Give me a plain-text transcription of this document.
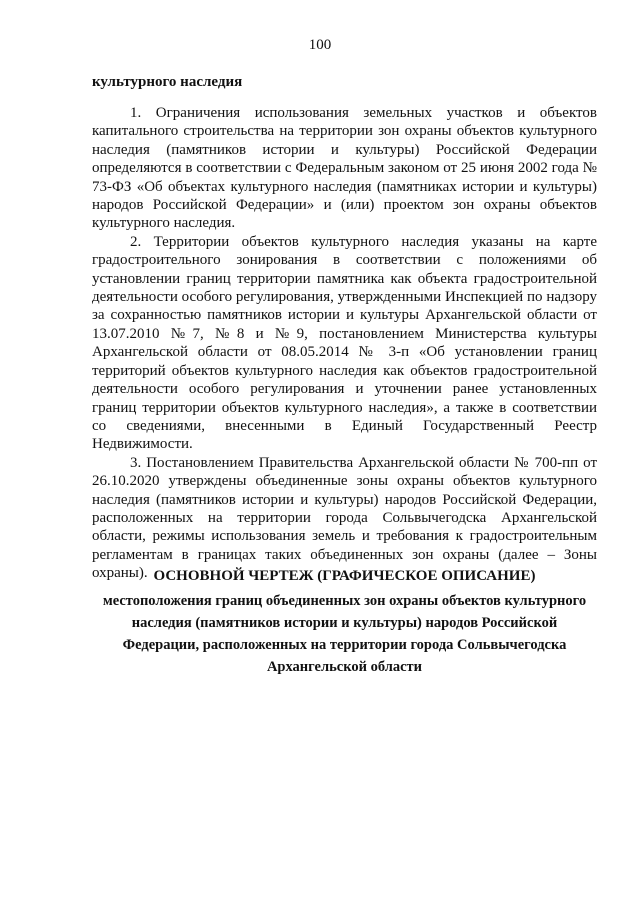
100
культурного наследия

1. Ограничения использования земельных участков и объектов капитального строительства на территории зон охраны объектов культурного наследия (памятников истории и культуры) Российской Федерации определяются в соответствии с Федеральным законом от 25 июня 2002 года № 73-ФЗ «Об объектах культурного наследия (памятниках истории и культуры) народов Российской Федерации» и (или) проектом зон охраны объектов культурного наследия.

2. Территории объектов культурного наследия указаны на карте градостроительного зонирования в соответствии с положениями об установлении границ территории памятника как объекта градостроительной деятельности особого регулирования, утвержденными Инспекцией по надзору за сохранностью памятников истории и культуры Архангельской области от 13.07.2010 №7, №8 и №9, постановлением Министерства культуры Архангельской области от 08.05.2014 № 3-п «Об установлении границ территорий объектов культурного наследия как объектов градостроительной деятельности особого регулирования и уточнении ранее установленных границ территории объектов культурного наследия», а также в соответствии со сведениями, внесенными в Единый Государственный Реестр Недвижимости.

3. Постановлением Правительства Архангельской области № 700-пп от 26.10.2020 утверждены объединенные зоны охраны объектов культурного наследия (памятников истории и культуры) народов Российской Федерации, расположенных на территории города Сольвычегодска Архангельской области, режимы использования земель и требования к градостроительным регламентам в границах таких объединенных зон охраны (далее – Зоны охраны). ОСНОВНОЙ ЧЕРТЕЖ (ГРАФИЧЕСКОЕ ОПИСАНИЕ)

местоположения границ объединенных зон охраны объектов культурного наследия (памятников истории и культуры) народов Российской Федерации, расположенных на территории города Сольвычегодска Архангельской области
